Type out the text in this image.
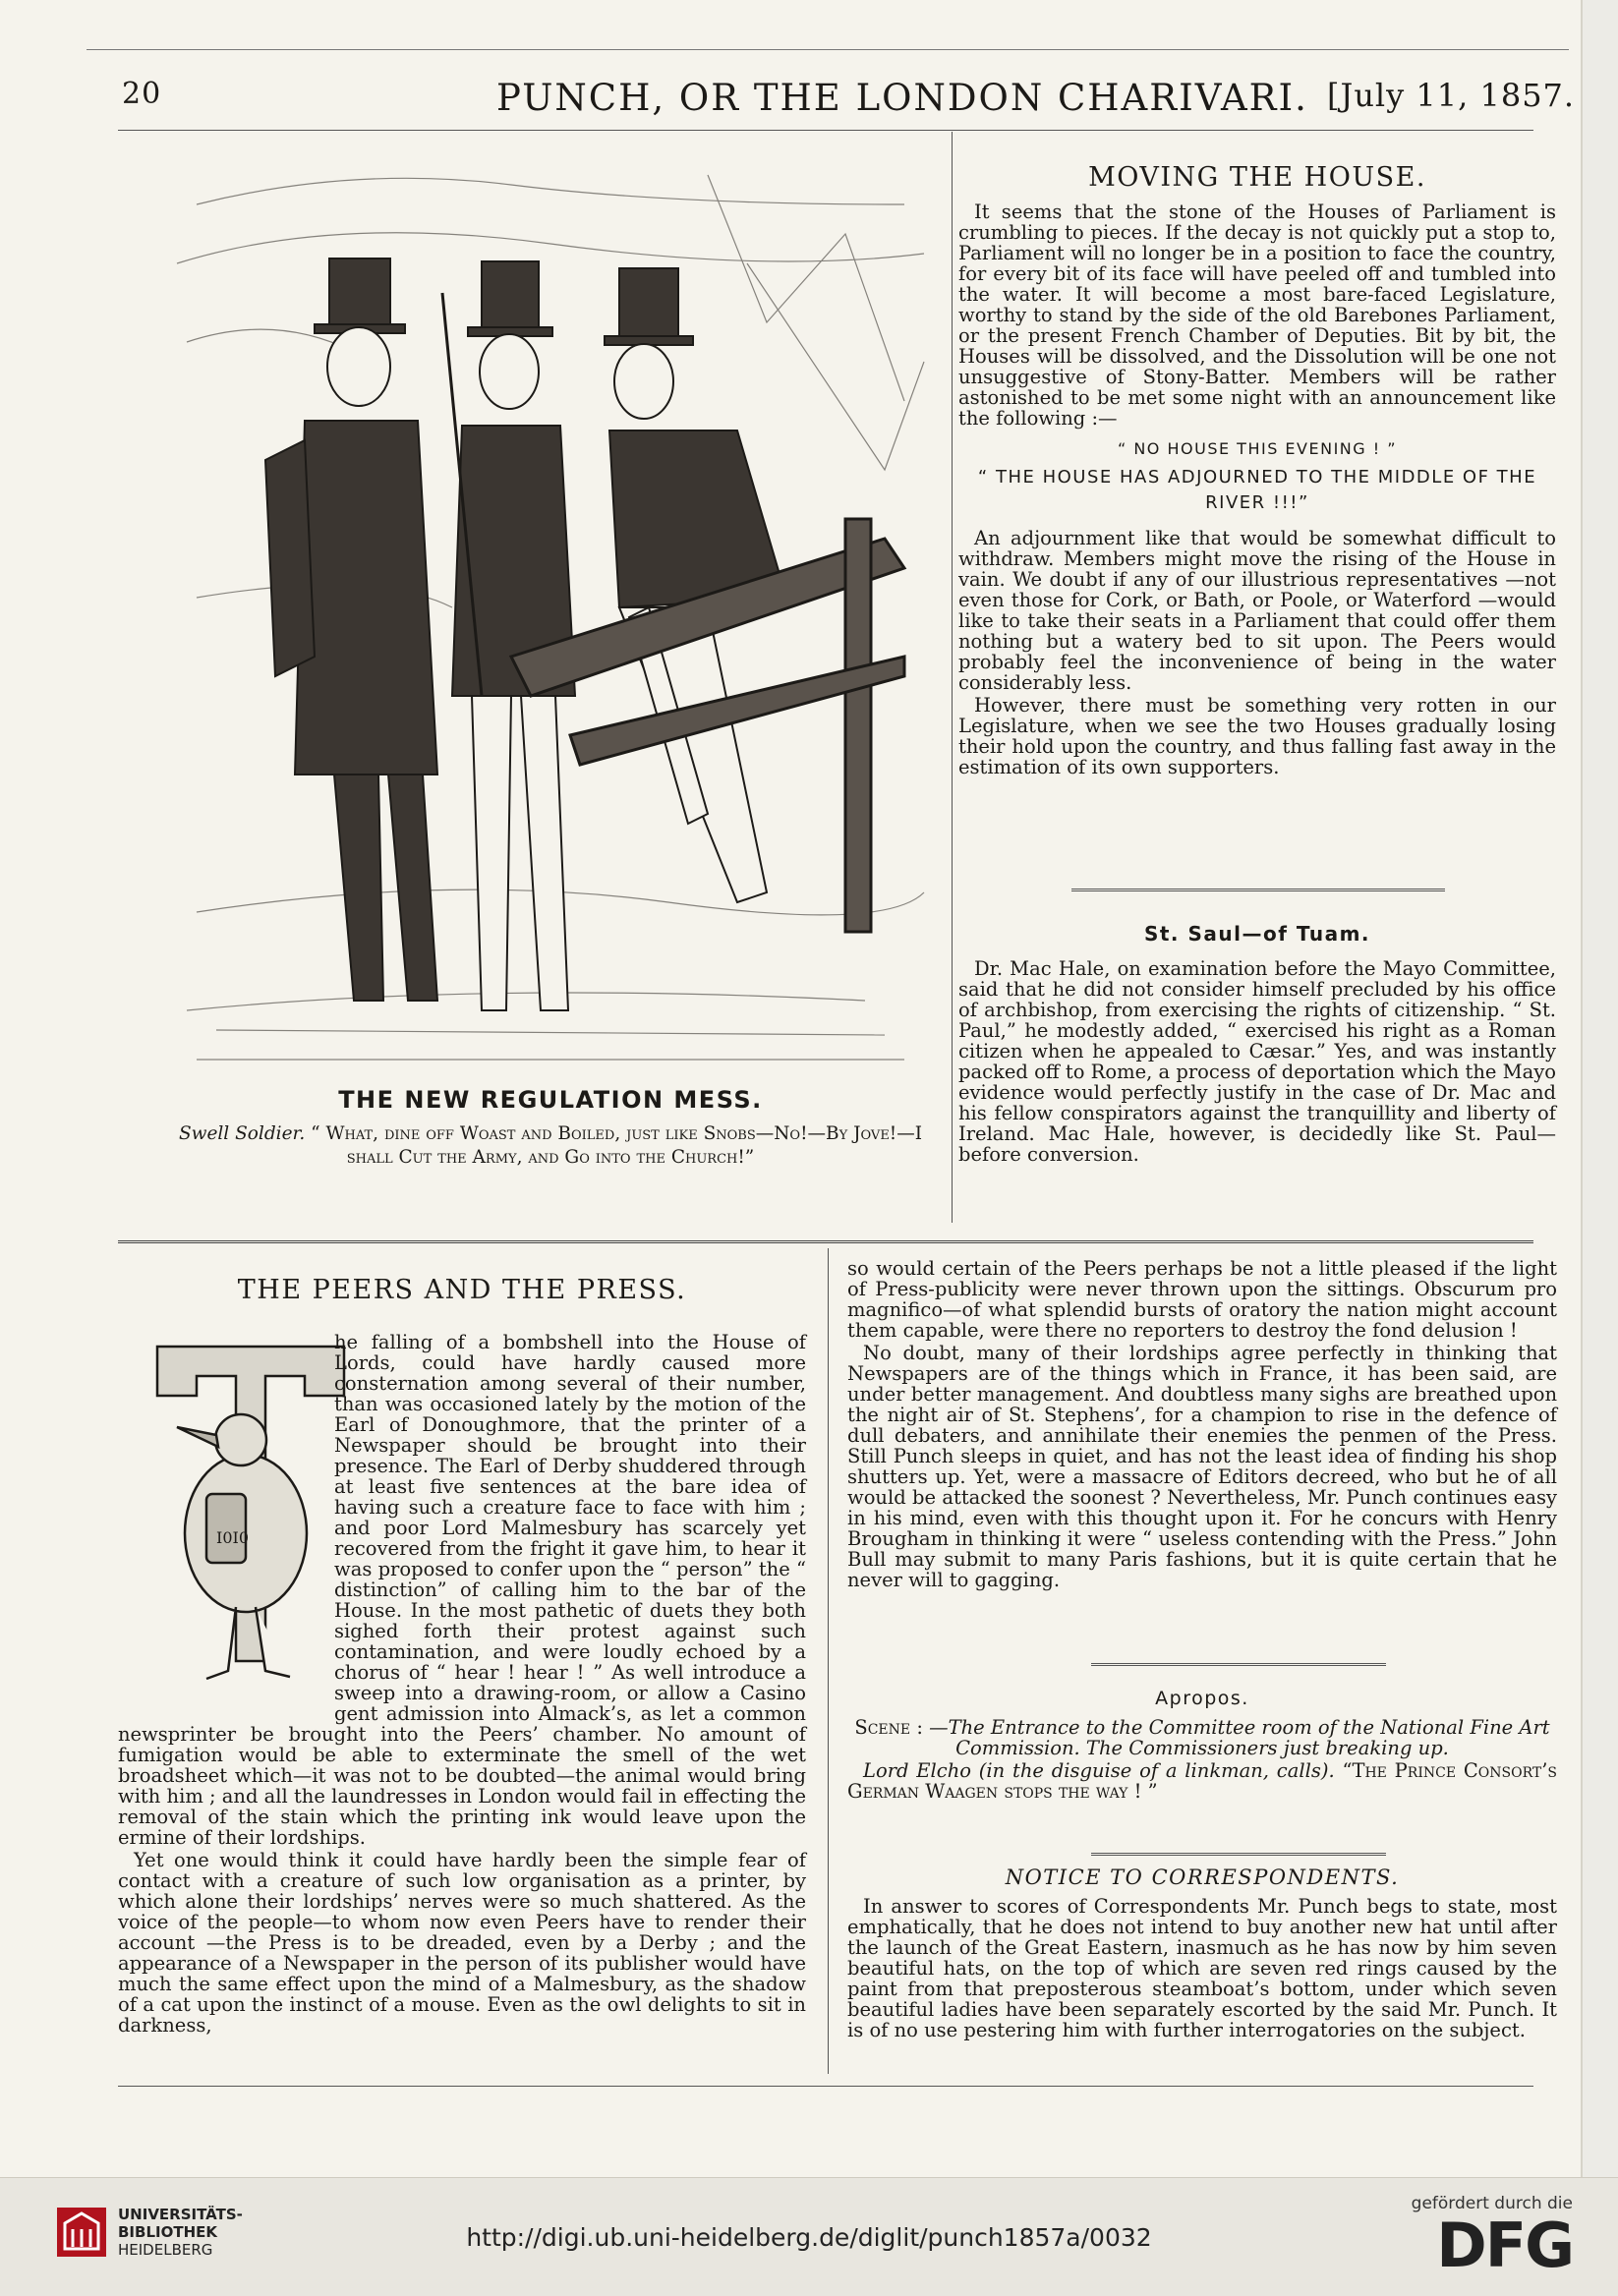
20	PUNCH, OR THE LONDON CHARIVARI. [July 11, 1857.
THE NEW REGULATION MESS.
Swell Soldier. “ What, dine off Woast and Boiled, just like Snobs—No!—By Jove!—I shall Cut the Army, and Go into the Church!”
MOVING THE HOUSE.

It seems that the stone of the Houses of Parliament is crumbling to pieces. If the decay is not quickly put a stop to, Parliament will no longer be in a position to face the country, for every bit of its face will have peeled off and tumbled into the water. It will become a most bare-faced Legislature, worthy to stand by the side of the old Barebones Parliament, or the present French Chamber of Deputies. Bit by bit, the Houses will be dissolved, and the Dissolution will be one not unsuggestive of Stony-Batter. Members will be rather astonished to be met some night with an announcement like the following :—

“ NO HOUSE THIS EVENING ! ”
“ THE HOUSE HAS ADJOURNED TO THE MIDDLE OF THE RIVER !!!”

An adjournment like that would be somewhat difficult to withdraw. Members might move the rising of the House in vain. We doubt if any of our illustrious representatives —not even those for Cork, or Bath, or Poole, or Waterford —would like to take their seats in a Parliament that could offer them nothing but a watery bed to sit upon. The Peers would probably feel the inconvenience of being in the water considerably less.

However, there must be something very rotten in our Legislature, when we see the two Houses gradually losing their hold upon the country, and thus falling fast away in the estimation of its own supporters.

St. Saul—of Tuam.

Dr. Mac Hale, on examination before the Mayo Committee, said that he did not consider himself precluded by his office of archbishop, from exercising the rights of citizenship. “ St. Paul,” he modestly added, “ exercised his right as a Roman citizen when he appealed to Cæsar.” Yes, and was instantly packed off to Rome, a process of deportation which the Mayo evidence would perfectly justify in the case of Dr. Mac and his fellow conspirators against the tranquillity and liberty of Ireland. Mac Hale, however, is decidedly like St. Paul—before conversion.

THE PEERS AND THE PRESS.
I0I0

he falling of a bombshell into the House of Lords, could have hardly caused more consternation among several of their number, than was occasioned lately by the motion of the Earl of Donoughmore, that the printer of a Newspaper should be brought into their presence. The Earl of Derby shuddered through at least five sentences at the bare idea of having such a creature face to face with him ; and poor Lord Malmesbury has scarcely yet recovered from the fright it gave him, to hear it was proposed to confer upon the “ person” the “ distinction” of calling him to the bar of the House. In the most pathetic of duets they both sighed forth their protest against such contamination, and were loudly echoed by a chorus of “ hear ! hear ! ” As well introduce a sweep into a drawing-room, or allow a Casino gent admission into Almack’s, as let a common newsprinter be brought into the Peers’ chamber. No amount of fumigation would be able to exterminate the smell of the wet broadsheet which—it was not to be doubted—the animal would bring with him ; and all the laundresses in London would fail in effecting the removal of the stain which the printing ink would leave upon the ermine of their lordships.

Yet one would think it could have hardly been the simple fear of contact with a creature of such low organisation as a printer, by which alone their lordships’ nerves were so much shattered. As the voice of the people—to whom now even Peers have to render their account —the Press is to be dreaded, even by a Derby ; and the appearance of a Newspaper in the person of its publisher would have much the same effect upon the mind of a Malmesbury, as the shadow of a cat upon the instinct of a mouse. Even as the owl delights to sit in darkness,

so would certain of the Peers perhaps be not a little pleased if the light of Press-publicity were never thrown upon the sittings. Obscurum pro magnifico—of what splendid bursts of oratory the nation might account them capable, were there no reporters to destroy the fond delusion !

No doubt, many of their lordships agree perfectly in thinking that Newspapers are of the things which in France, it has been said, are under better management. And doubtless many sighs are breathed upon the night air of St. Stephens’, for a champion to rise in the defence of dull debaters, and annihilate their enemies the penmen of the Press. Still Punch sleeps in quiet, and has not the least idea of finding his shop shutters up. Yet, were a massacre of Editors decreed, who but he of all would be attacked the soonest ? Nevertheless, Mr. Punch continues easy in his mind, even with this thought upon it. For he concurs with Henry Brougham in thinking it were “ useless contending with the Press.” John Bull may submit to many Paris fashions, but it is quite certain that he never will to gagging.

Apropos.

Scene : —The Entrance to the Committee room of the National Fine Art Commission. The Commissioners just breaking up.

Lord Elcho (in the disguise of a linkman, calls). “The Prince Consort’s German Waagen stops the way ! ”

NOTICE TO CORRESPONDENTS.

In answer to scores of Correspondents Mr. Punch begs to state, most emphatically, that he does not intend to buy another new hat until after the launch of the Great Eastern, inasmuch as he has now by him seven beautiful hats, on the top of which are seven red rings caused by the paint from that preposterous steamboat’s bottom, under which seven beautiful ladies have been separately escorted by the said Mr. Punch. It is of no use pestering him with further interrogatories on the subject.

UNIVERSITÄTS-
BIBLIOTHEK
HEIDELBERG	http://digi.ub.uni-heidelberg.de/diglit/punch1857a/0032
gefördert durch die
DFG
